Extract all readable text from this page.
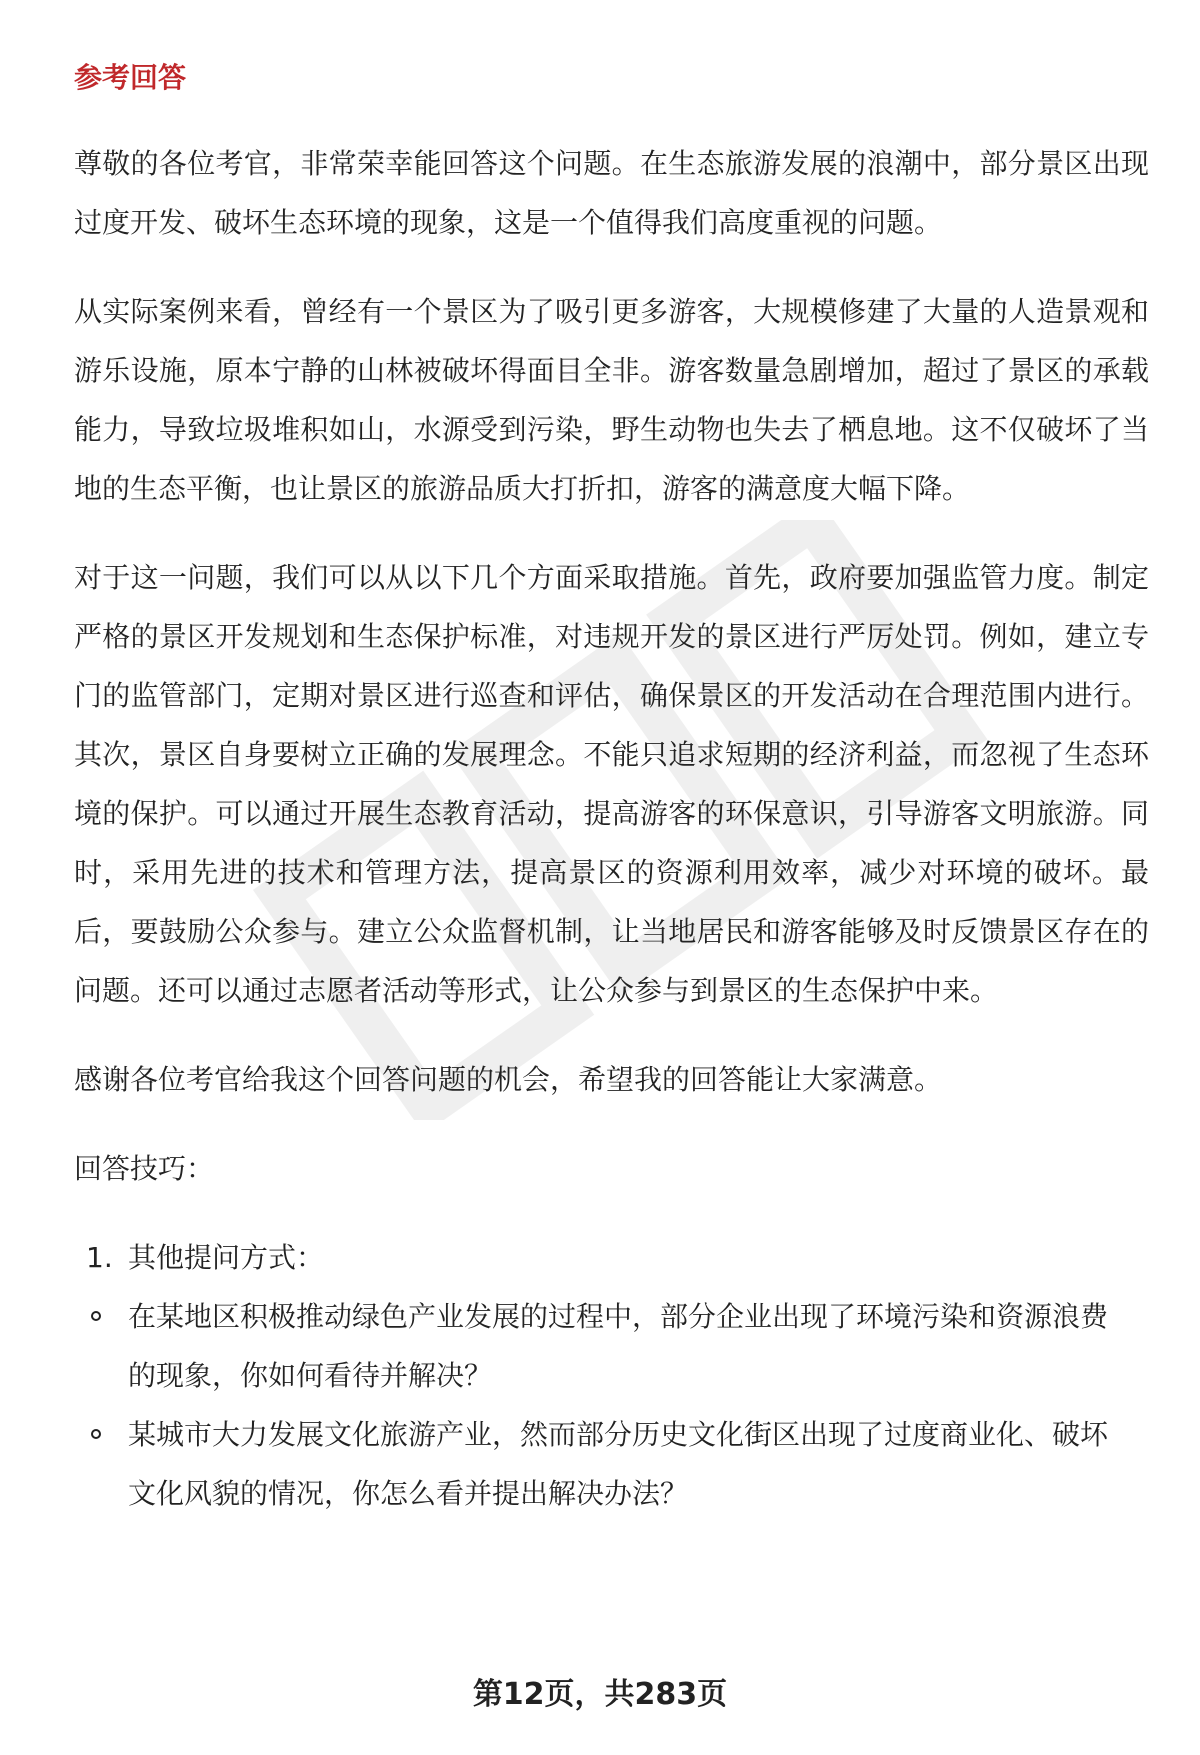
参考回答

尊敬的各位考官，非常荣幸能回答这个问题。在生态旅游发展的浪潮中，部分景区出现过度开发、破坏生态环境的现象，这是一个值得我们高度重视的问题。

从实际案例来看，曾经有一个景区为了吸引更多游客，大规模修建了大量的人造景观和游乐设施，原本宁静的山林被破坏得面目全非。游客数量急剧增加，超过了景区的承载能力，导致垃圾堆积如山，水源受到污染，野生动物也失去了栖息地。这不仅破坏了当地的生态平衡，也让景区的旅游品质大打折扣，游客的满意度大幅下降。

对于这一问题，我们可以从以下几个方面采取措施。首先，政府要加强监管力度。制定严格的景区开发规划和生态保护标准，对违规开发的景区进行严厉处罚。例如，建立专门的监管部门，定期对景区进行巡查和评估，确保景区的开发活动在合理范围内进行。其次，景区自身要树立正确的发展理念。不能只追求短期的经济利益，而忽视了生态环境的保护。可以通过开展生态教育活动，提高游客的环保意识，引导游客文明旅游。同时，采用先进的技术和管理方法，提高景区的资源利用效率，减少对环境的破坏。最后，要鼓励公众参与。建立公众监督机制，让当地居民和游客能够及时反馈景区存在的问题。还可以通过志愿者活动等形式，让公众参与到景区的生态保护中来。

感谢各位考官给我这个回答问题的机会，希望我的回答能让大家满意。

回答技巧：
1. 其他提问方式：
在某地区积极推动绿色产业发展的过程中，部分企业出现了环境污染和资源浪费的现象，你如何看待并解决？
某城市大力发展文化旅游产业，然而部分历史文化街区出现了过度商业化、破坏文化风貌的情况，你怎么看并提出解决办法？
第12页，共283页
